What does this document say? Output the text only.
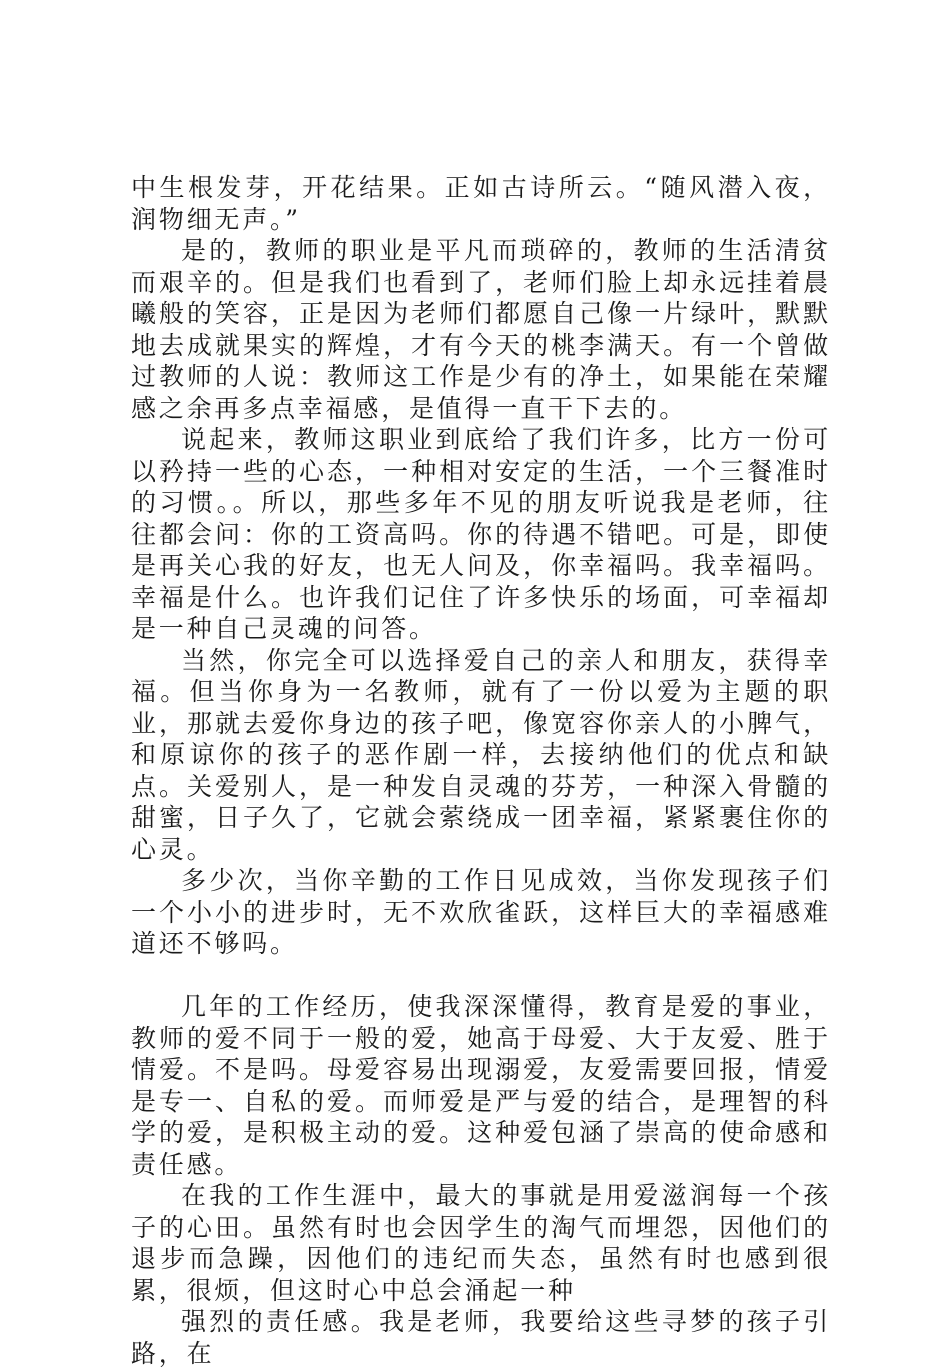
中生根发芽，开花结果。正如古诗所云。“随风潜入夜，润物细无声。”

是的，教师的职业是平凡而琐碎的，教师的生活清贫而艰辛的。但是我们也看到了，老师们脸上却永远挂着晨曦般的笑容，正是因为老师们都愿自己像一片绿叶，默默地去成就果实的辉煌，才有今天的桃李满天。有一个曾做过教师的人说：教师这工作是少有的净土，如果能在荣耀感之余再多点幸福感，是值得一直干下去的。

说起来，教师这职业到底给了我们许多，比方一份可以矜持一些的心态，一种相对安定的生活，一个三餐准时的习惯。。所以，那些多年不见的朋友听说我是老师，往往都会问：你的工资高吗。你的待遇不错吧。可是，即使是再关心我的好友，也无人问及，你幸福吗。我幸福吗。幸福是什么。也许我们记住了许多快乐的场面，可幸福却是一种自己灵魂的问答。

当然，你完全可以选择爱自己的亲人和朋友，获得幸福。但当你身为一名教师，就有了一份以爱为主题的职业，那就去爱你身边的孩子吧，像宽容你亲人的小脾气，和原谅你的孩子的恶作剧一样，去接纳他们的优点和缺点。关爱别人，是一种发自灵魂的芬芳，一种深入骨髓的甜蜜，日子久了，它就会萦绕成一团幸福，紧紧裹住你的心灵。

多少次，当你辛勤的工作日见成效，当你发现孩子们一个小小的进步时，无不欢欣雀跃，这样巨大的幸福感难道还不够吗。

几年的工作经历，使我深深懂得，教育是爱的事业，教师的爱不同于一般的爱，她高于母爱、大于友爱、胜于情爱。不是吗。母爱容易出现溺爱，友爱需要回报，情爱是专一、自私的爱。而师爱是严与爱的结合，是理智的科学的爱，是积极主动的爱。这种爱包涵了崇高的使命感和责任感。

在我的工作生涯中，最大的事就是用爱滋润每一个孩子的心田。虽然有时也会因学生的淘气而埋怨，因他们的退步而急躁，因他们的违纪而失态，虽然有时也感到很累，很烦，但这时心中总会涌起一种

强烈的责任感。我是老师，我要给这些寻梦的孩子引路，在
